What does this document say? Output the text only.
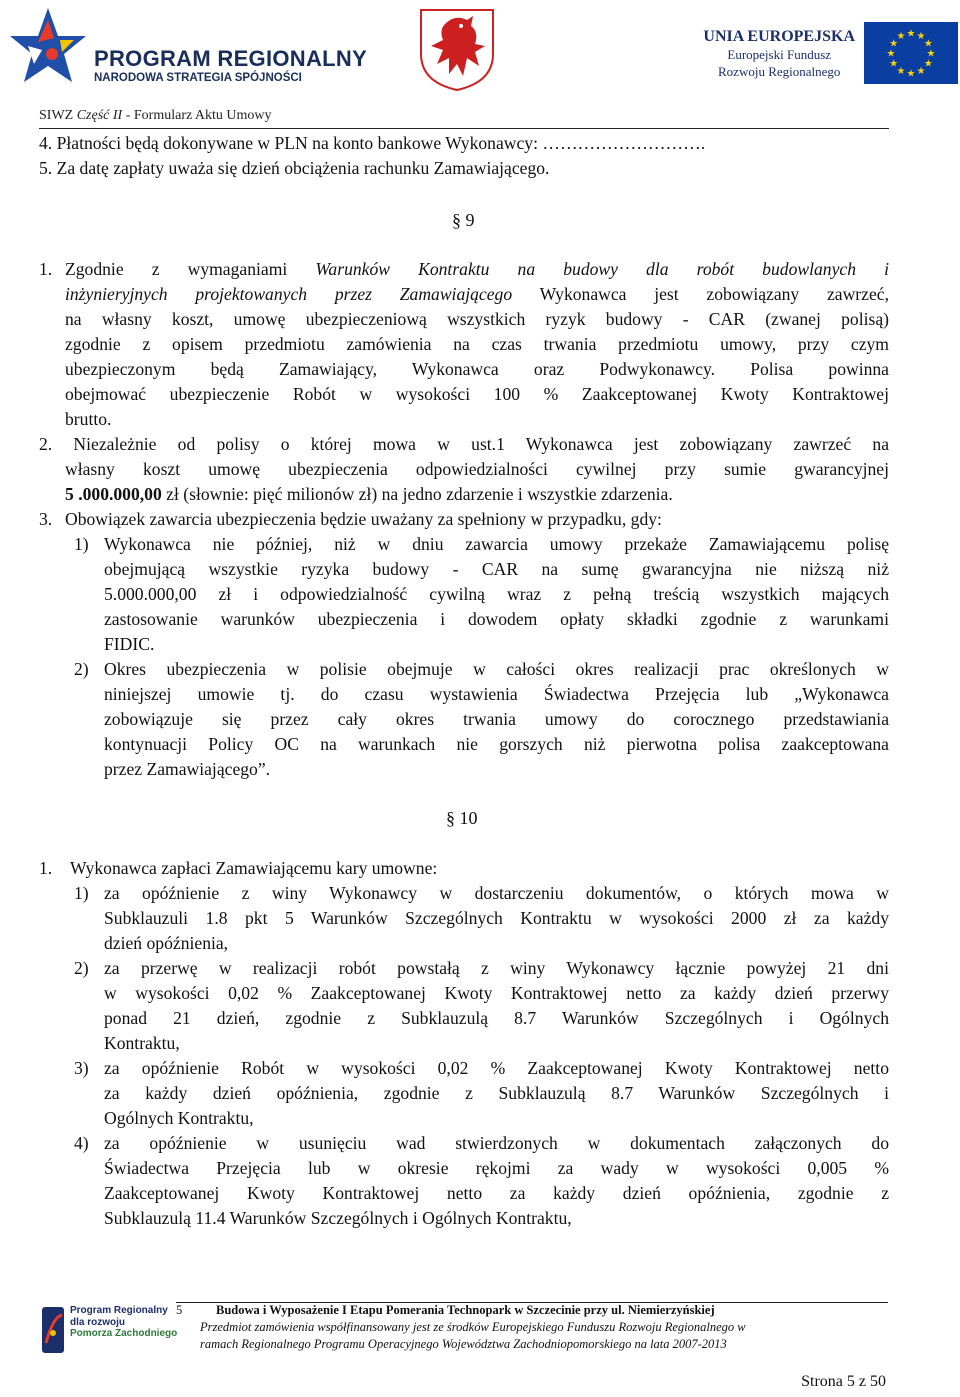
PROGRAM REGIONALNY
NARODOWA STRATEGIA SPÓJNOŚCI
UNIA EUROPEJSKA
Europejski Fundusz
Rozwoju Regionalnego
★ ★
★
★
★
★
★
★
★
★
★
★
SIWZ Część II - Formularz Aktu Umowy
4. Płatności będą dokonywane w PLN na konto bankowe Wykonawcy: ……………………….
5. Za datę zapłaty uważa się dzień obciążenia rachunku Zamawiającego.
§ 9
1. Zgodnie z wymaganiami Warunków Kontraktu na budowy dla robót budowlanych i
inżynieryjnych projektowanych przez Zamawiającego Wykonawca jest zobowiązany zawrzeć,
na własny koszt, umowę ubezpieczeniową wszystkich ryzyk budowy - CAR (zwanej polisą)
zgodnie z opisem przedmiotu zamówienia na czas trwania przedmiotu umowy, przy czym
ubezpieczonym będą Zamawiający, Wykonawca oraz Podwykonawcy. Polisa powinna
obejmować ubezpieczenie Robót w wysokości 100 % Zaakceptowanej Kwoty Kontraktowej
brutto.
2. Niezależnie od polisy o której mowa w ust.1 Wykonawca jest zobowiązany zawrzeć na
własny koszt umowę ubezpieczenia odpowiedzialności cywilnej przy sumie gwarancyjnej
5 .000.000,00 zł (słownie: pięć milionów zł) na jedno zdarzenie i wszystkie zdarzenia.
3. Obowiązek zawarcia ubezpieczenia będzie uważany za spełniony w przypadku, gdy:
1) Wykonawca nie później, niż w dniu zawarcia umowy przekaże Zamawiającemu polisę
obejmującą wszystkie ryzyka budowy - CAR na sumę gwarancyjna nie niższą niż
5.000.000,00 zł i odpowiedzialność cywilną wraz z pełną treścią wszystkich mających
zastosowanie warunków ubezpieczenia i dowodem opłaty składki zgodnie z warunkami
FIDIC.
2) Okres ubezpieczenia w polisie obejmuje w całości okres realizacji prac określonych w
niniejszej umowie tj. do czasu wystawienia Świadectwa Przejęcia lub „Wykonawca
zobowiązuje się przez cały okres trwania umowy do corocznego przedstawiania
kontynuacji Policy OC na warunkach nie gorszych niż pierwotna polisa zaakceptowana
przez Zamawiającego”.
§ 10
1. Wykonawca zapłaci Zamawiającemu kary umowne:
1) za opóźnienie z winy Wykonawcy w dostarczeniu dokumentów, o których mowa w
Subklauzuli 1.8 pkt 5 Warunków Szczególnych Kontraktu w wysokości 2000 zł za każdy
dzień opóźnienia,
2) za przerwę w realizacji robót powstałą z winy Wykonawcy łącznie powyżej 21 dni
w wysokości 0,02 % Zaakceptowanej Kwoty Kontraktowej netto za każdy dzień przerwy
ponad 21 dzień, zgodnie z Subklauzulą 8.7 Warunków Szczególnych i Ogólnych
Kontraktu,
3) za opóźnienie Robót w wysokości 0,02 % Zaakceptowanej Kwoty Kontraktowej netto
za każdy dzień opóźnienia, zgodnie z Subklauzulą 8.7 Warunków Szczególnych i
Ogólnych Kontraktu,
4) za opóźnienie w usunięciu wad stwierdzonych w dokumentach załączonych do
Świadectwa Przejęcia lub w okresie rękojmi za wady w wysokości 0,005 %
Zaakceptowanej Kwoty Kontraktowej netto za każdy dzień opóźnienia, zgodnie z
Subklauzulą 11.4 Warunków Szczególnych i Ogólnych Kontraktu,
Program Regionalny
dla rozwoju
Pomorza Zachodniego
5	Budowa i Wyposażenie I Etapu Pomerania Technopark w Szczecinie przy ul. Niemierzyńskiej
Przedmiot zamówienia współfinansowany jest ze środków Europejskiego Funduszu Rozwoju Regionalnego w
ramach Regionalnego Programu Operacyjnego Województwa Zachodniopomorskiego na lata 2007-2013
Strona 5 z 50
